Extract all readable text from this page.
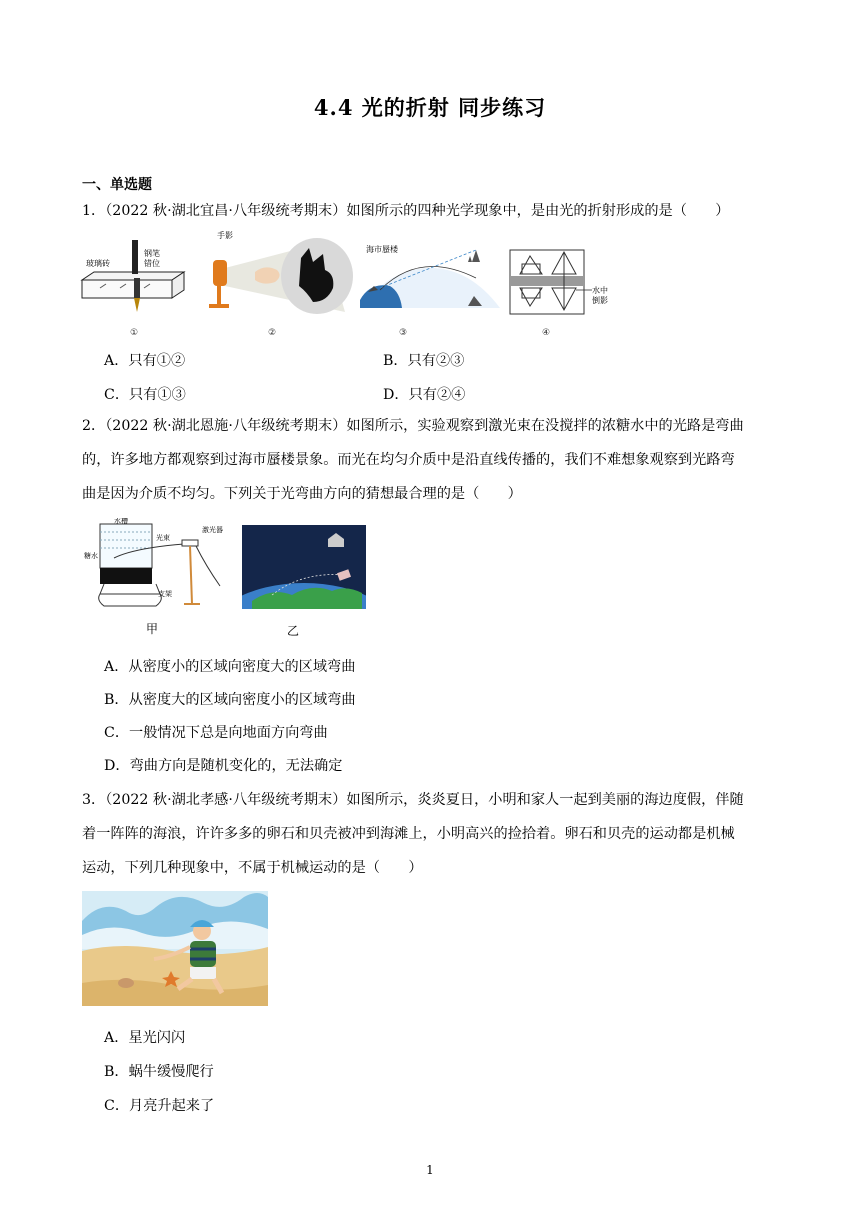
4.4 光的折射 同步练习
一、单选题
1．（2022 秋·湖北宜昌·八年级统考期末）如图所示的四种光学现象中，是由光的折射形成的是（　　）
玻璃砖
钢笔
错位
①
手影
②
海市蜃楼
③
水中
倒影
④
A．只有①②	B．只有②③
C．只有①③	D．只有②④
2．（2022 秋·湖北恩施·八年级统考期末）如图所示，实验观察到激光束在没搅拌的浓糖水中的光路是弯曲
的，许多地方都观察到过海市蜃楼景象。而光在均匀介质中是沿直线传播的，我们不难想象观察到光路弯
曲是因为介质不均匀。下列关于光弯曲方向的猜想最合理的是（　　）
水槽
糖水
光束
激光器
支架
甲	乙
A．从密度小的区域向密度大的区域弯曲
B．从密度大的区域向密度小的区域弯曲
C．一般情况下总是向地面方向弯曲
D．弯曲方向是随机变化的，无法确定
3．（2022 秋·湖北孝感·八年级统考期末）如图所示，炎炎夏日，小明和家人一起到美丽的海边度假，伴随
着一阵阵的海浪，许许多多的卵石和贝壳被冲到海滩上，小明高兴的捡拾着。卵石和贝壳的运动都是机械
运动，下列几种现象中，不属于机械运动的是（　　）
A．星光闪闪
B．蜗牛缓慢爬行
C．月亮升起来了
1
